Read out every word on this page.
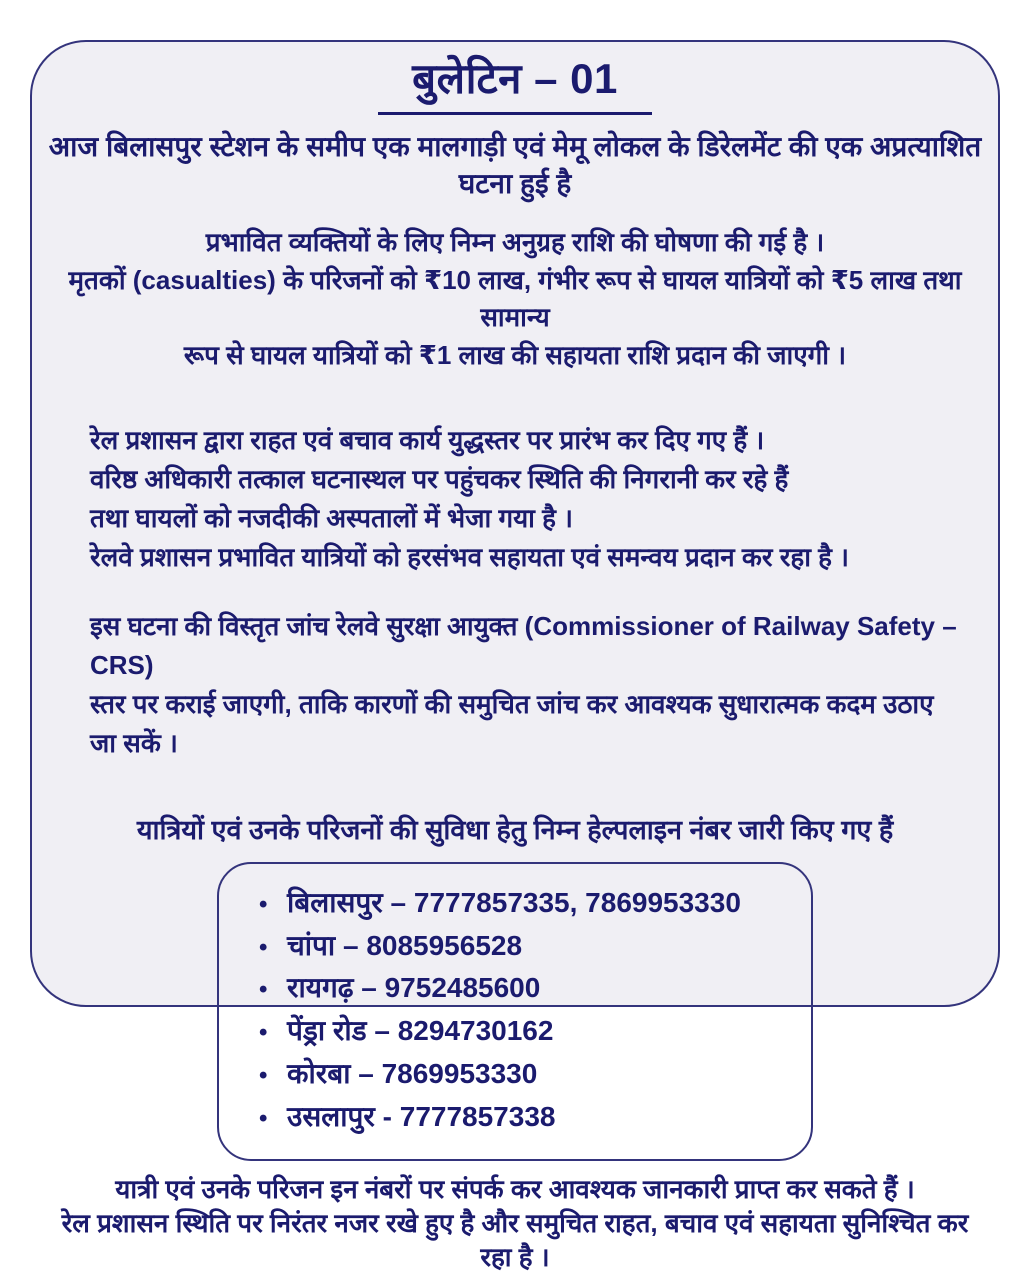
बुलेटिन – 01
आज बिलासपुर स्टेशन के समीप एक मालगाड़ी एवं मेमू लोकल के डिरेलमेंट की एक अप्रत्याशित घटना हुई है
प्रभावित व्यक्तियों के लिए निम्न अनुग्रह राशि की घोषणा की गई है ।
मृतकों (casualties) के परिजनों को ₹10 लाख, गंभीर रूप से घायल यात्रियों को ₹5 लाख तथा सामान्य
रूप से घायल यात्रियों को ₹1 लाख की सहायता राशि प्रदान की जाएगी ।
रेल प्रशासन द्वारा राहत एवं बचाव कार्य युद्धस्तर पर प्रारंभ कर दिए गए हैं ।
वरिष्ठ अधिकारी तत्काल घटनास्थल पर पहुंचकर स्थिति की निगरानी कर रहे हैं
तथा घायलों को नजदीकी अस्पतालों में भेजा गया है ।
रेलवे प्रशासन प्रभावित यात्रियों को हरसंभव सहायता एवं समन्वय प्रदान कर रहा है ।
इस घटना की विस्तृत जांच रेलवे सुरक्षा आयुक्त (Commissioner of Railway Safety – CRS)
स्तर पर कराई जाएगी, ताकि कारणों की समुचित जांच कर आवश्यक सुधारात्मक कदम उठाए जा सकें ।
यात्रियों एवं उनके परिजनों की सुविधा हेतु निम्न हेल्पलाइन नंबर जारी किए गए हैं
• बिलासपुर – 7777857335, 7869953330
• चांपा – 8085956528
• रायगढ़ – 9752485600
• पेंड्रा रोड – 8294730162
• कोरबा – 7869953330
• उसलापुर - 7777857338
यात्री एवं उनके परिजन इन नंबरों पर संपर्क कर आवश्यक जानकारी प्राप्त कर सकते हैं ।
रेल प्रशासन स्थिति पर निरंतर नजर रखे हुए है और समुचित राहत, बचाव एवं सहायता सुनिश्चित कर रहा है ।
